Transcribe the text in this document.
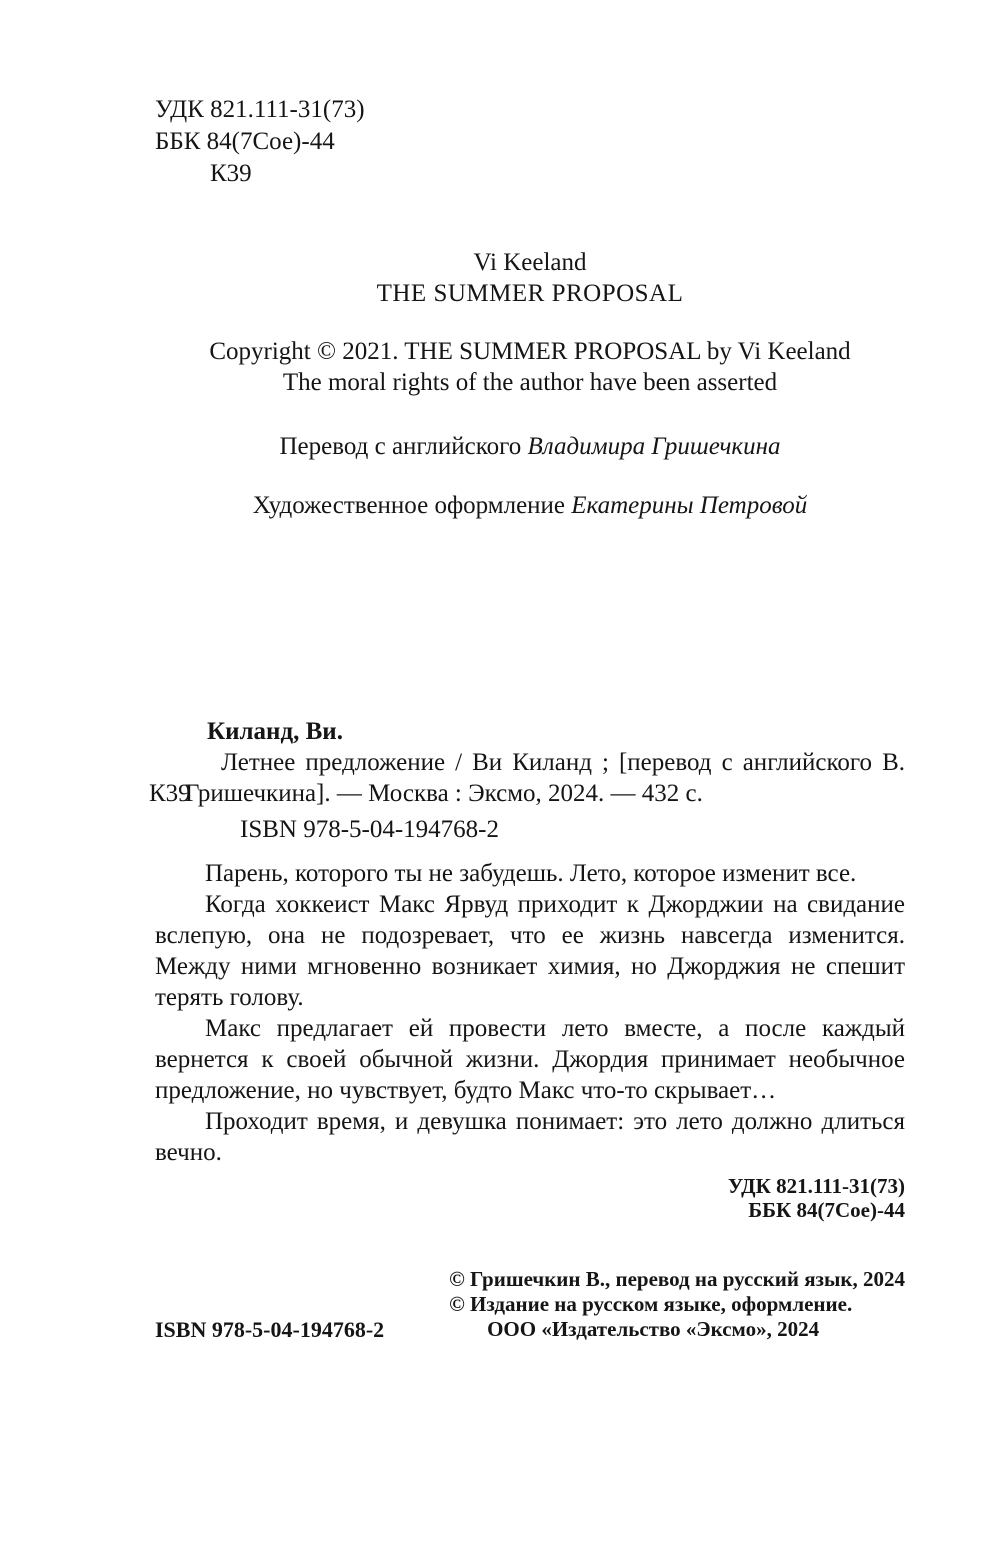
УДК 821.111-31(73)
ББК 84(7Сое)-44
К39
Vi Keeland
THE SUMMER PROPOSAL
Copyright © 2021. THE SUMMER PROPOSAL by Vi Keeland
The moral rights of the author have been asserted
Перевод с английского Владимира Гришечкина
Художественное оформление Екатерины Петровой
Киланд, Ви.

К39
Летнее предложение / Ви Киланд ; [перевод с английского В. Гришечкина]. — Москва : Эксмо, 2024. — 432 с.

ISBN 978-5-04-194768-2

Парень, которого ты не забудешь. Лето, которое изменит все.

Когда хоккеист Макс Ярвуд приходит к Джорджии на свидание вслепую, она не подозревает, что ее жизнь навсегда изменится. Между ними мгновенно возникает химия, но Джорджия не спешит терять голову.

Макс предлагает ей провести лето вместе, а после каждый вернется к своей обычной жизни. Джордия принимает необычное предложение, но чувствует, будто Макс что-то скрывает…

Проходит время, и девушка понимает: это лето должно длиться вечно.

УДК 821.111-31(73)
ББК 84(7Сое)-44
ISBN 978-5-04-194768-2
© Гришечкин В., перевод на русский язык, 2024
© Издание на русском языке, оформление.
ООО «Издательство «Эксмо», 2024
